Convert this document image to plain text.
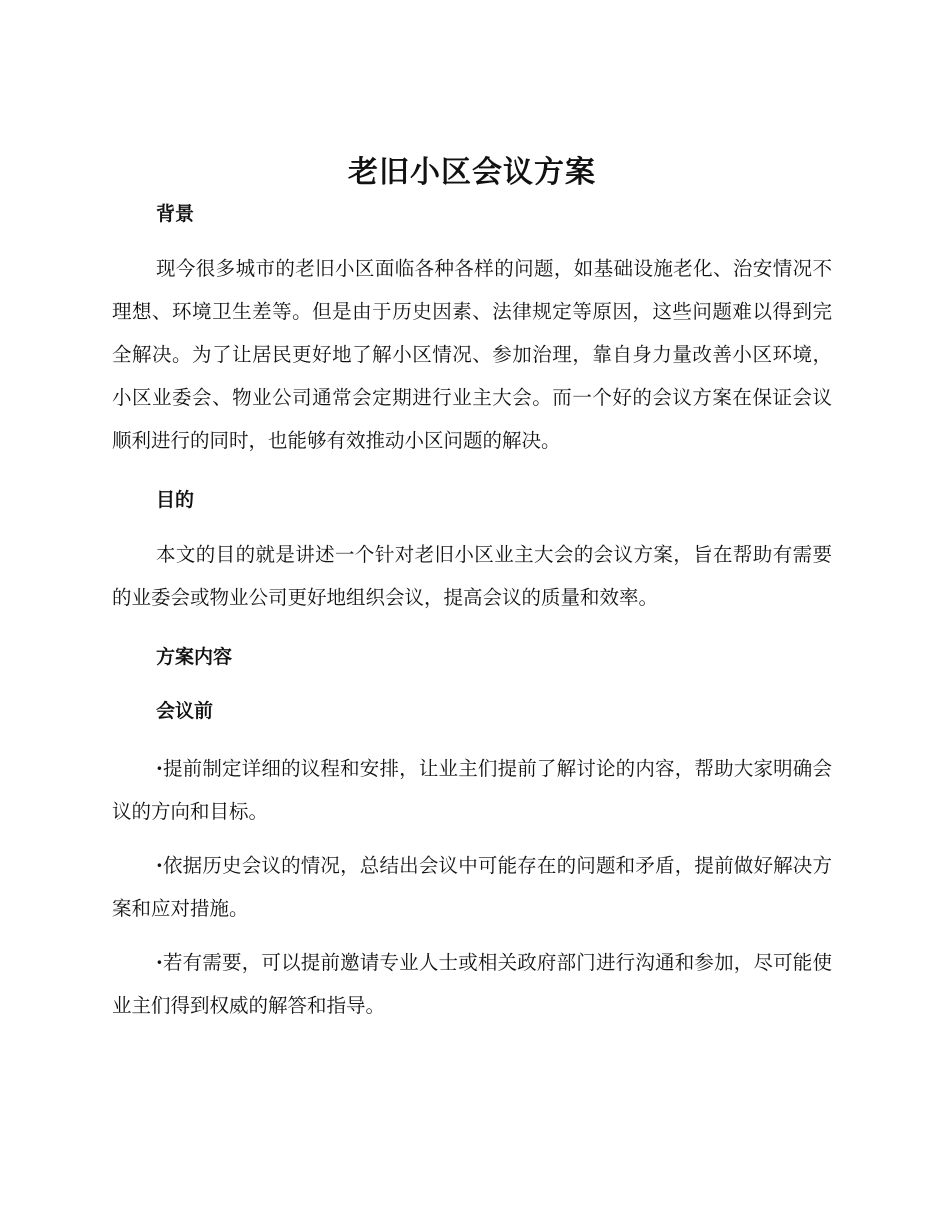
老旧小区会议方案
背景

现今很多城市的老旧小区面临各种各样的问题，如基础设施老化、治安情况不理想、环境卫生差等。但是由于历史因素、法律规定等原因，这些问题难以得到完全解决。为了让居民更好地了解小区情况、参加治理，靠自身力量改善小区环境，小区业委会、物业公司通常会定期进行业主大会。而一个好的会议方案在保证会议顺利进行的同时，也能够有效推动小区问题的解决。

目的

本文的目的就是讲述一个针对老旧小区业主大会的会议方案，旨在帮助有需要的业委会或物业公司更好地组织会议，提高会议的质量和效率。

方案内容
会议前

·提前制定详细的议程和安排，让业主们提前了解讨论的内容，帮助大家明确会议的方向和目标。

·依据历史会议的情况，总结出会议中可能存在的问题和矛盾，提前做好解决方案和应对措施。

·若有需要，可以提前邀请专业人士或相关政府部门进行沟通和参加，尽可能使业主们得到权威的解答和指导。
